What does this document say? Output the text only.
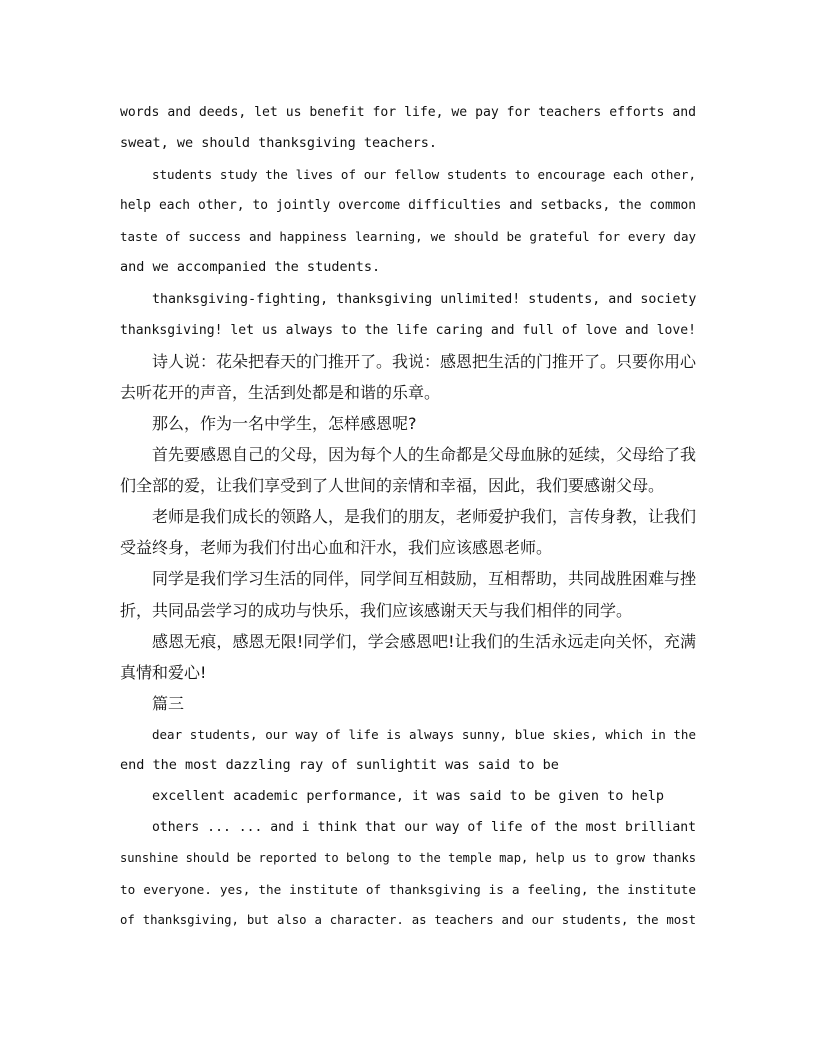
words and deeds, let us benefit for life, we pay for teachers efforts and
sweat, we should thanksgiving teachers.
students study the lives of our fellow students to encourage each other,
help each other, to jointly overcome difficulties and setbacks, the common
taste of success and happiness learning, we should be grateful for every day
and we accompanied the students.
thanksgiving-fighting, thanksgiving unlimited! students, and society
thanksgiving! let us always to the life caring and full of love and love!
诗人说：花朵把春天的门推开了。我说：感恩把生活的门推开了。只要你用心
去听花开的声音，生活到处都是和谐的乐章。
那么，作为一名中学生，怎样感恩呢?
首先要感恩自己的父母，因为每个人的生命都是父母血脉的延续，父母给了我
们全部的爱，让我们享受到了人世间的亲情和幸福，因此，我们要感谢父母。
老师是我们成长的领路人，是我们的朋友，老师爱护我们，言传身教，让我们
受益终身，老师为我们付出心血和汗水，我们应该感恩老师。
同学是我们学习生活的同伴，同学间互相鼓励，互相帮助，共同战胜困难与挫
折，共同品尝学习的成功与快乐，我们应该感谢天天与我们相伴的同学。
感恩无痕，感恩无限!同学们，学会感恩吧!让我们的生活永远走向关怀，充满
真情和爱心!
篇三
dear students, our way of life is always sunny, blue skies, which in the
end the most dazzling ray of sunlightit was said to be
excellent academic performance, it was said to be given to help
others ... ... and i think that our way of life of the most brilliant
sunshine should be reported to belong to the temple map, help us to grow thanks
to everyone. yes, the institute of thanksgiving is a feeling, the institute
of thanksgiving, but also a character. as teachers and our students, the most
